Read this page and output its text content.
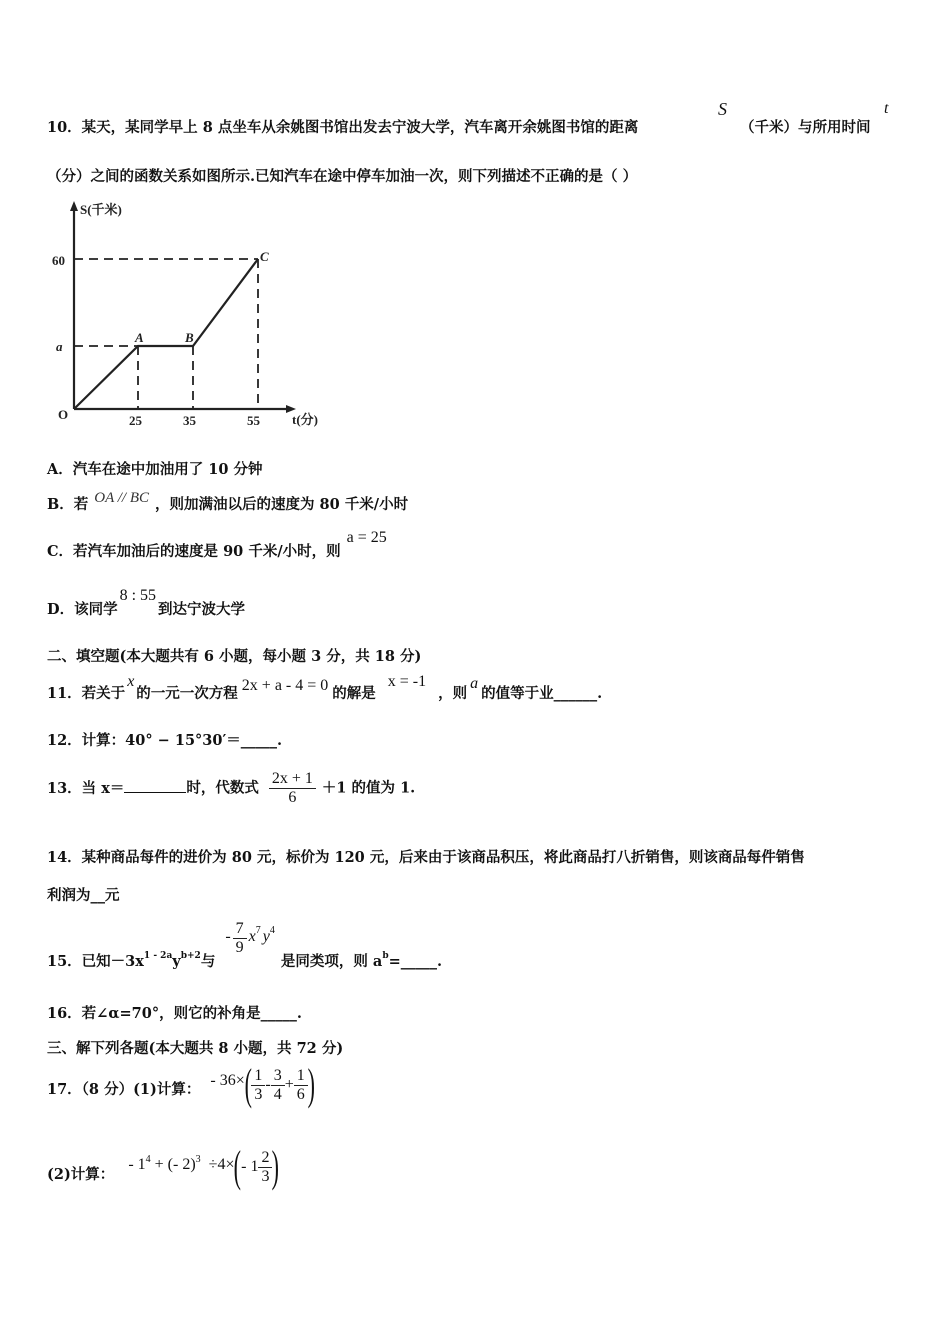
10．某天，某同学早上 8 点坐车从余姚图书馆出发去宁波大学，汽车离开余姚图书馆的距离
S
（千米）与所用时间
t
（分）之间的函数关系如图所示.已知汽车在途中停车加油一次，则下列描述不正确的是（ ）
S(千米)
t(分)
O
60
a
25	35	55
A	B
C
A．汽车在途中加油用了 10 分钟
B．若 OA // BC ，则加满油以后的速度为 80 千米/小时
C．若汽车加油后的速度是 90 千米/小时，则a = 25
D．该同学8 : 55到达宁波大学
二、填空题(本大题共有 6 小题，每小题 3 分，共 18 分)
11．若关于x的一元一次方程 2x + a - 4 = 0 的解是x = -1，则a的值等于业______.
12．计算：40° − 15°30′＝_____.
13．当 x＝	时，代数式 $\frac{2x + 1}{6} +1$ 的值为 1.
14．某种商品每件的进价为 80 元，标价为 120 元，后来由于该商品积压，将此商品打八折销售，则该商品每件销售
利润为__元
15．已知$-3x_{1 - 2a}y_{b+2}$与- $\frac{7}{9} x^7$ $y^4$是同类项，则 $a_b=\_\_\_\_\_$.
16．若∠α=70°，则它的补角是_____.
三、解下列各题(本大题共 8 小题，共 72 分)
17．（8 分）(1)计算：- $36\times( \frac{1}{3} - \frac{3}{4} + \frac{1}{6}$ )
(2)计算：- $1^4$ + (- 2)$^3$ ÷4×(- $1 \frac{2}{3}$ )
